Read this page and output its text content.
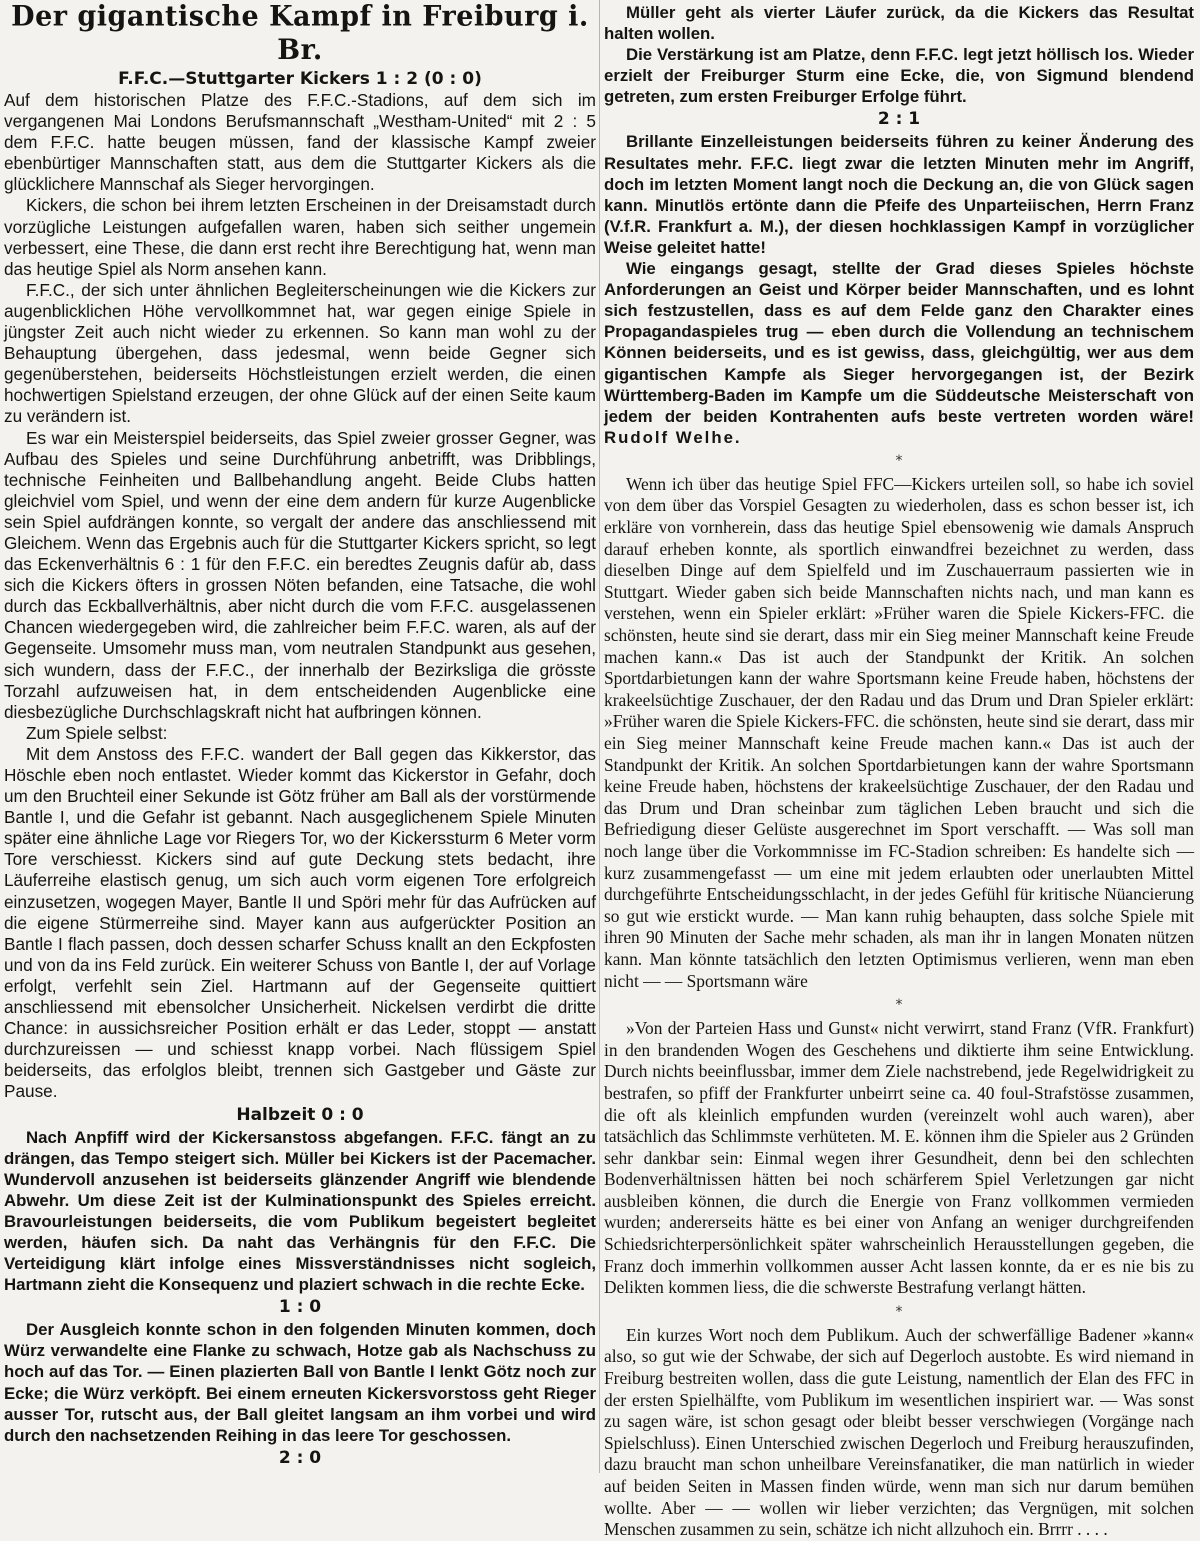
Der gigantische Kampf in Freiburg i. Br.
F.F.C.—Stuttgarter Kickers 1 : 2 (0 : 0)

Auf dem historischen Platze des F.F.C.-Stadions, auf dem sich im vergangenen Mai Londons Berufsmannschaft „Westham-United“ mit 2 : 5 dem F.F.C. hatte beugen müssen, fand der klassische Kampf zweier ebenbürtiger Mannschaften statt, aus dem die Stuttgarter Kickers als die glücklichere Mannschaf als Sieger hervorgingen.

Kickers, die schon bei ihrem letzten Erscheinen in der Dreisamstadt durch vorzügliche Leistungen aufgefallen waren, haben sich seither ungemein verbessert, eine These, die dann erst recht ihre Berechtigung hat, wenn man das heutige Spiel als Norm ansehen kann.

F.F.C., der sich unter ähnlichen Begleiterscheinungen wie die Kickers zur augenblicklichen Höhe vervollkommnet hat, war gegen einige Spiele in jüngster Zeit auch nicht wieder zu erkennen. So kann man wohl zu der Behauptung übergehen, dass jedesmal, wenn beide Gegner sich gegenüberstehen, beiderseits Höchstleistungen erzielt werden, die einen hochwertigen Spielstand erzeugen, der ohne Glück auf der einen Seite kaum zu verändern ist.

Es war ein Meisterspiel beiderseits, das Spiel zweier grosser Gegner, was Aufbau des Spieles und seine Durchführung anbetrifft, was Dribblings, technische Feinheiten und Ballbehandlung angeht. Beide Clubs hatten gleichviel vom Spiel, und wenn der eine dem andern für kurze Augenblicke sein Spiel aufdrängen konnte, so vergalt der andere das anschliessend mit Gleichem. Wenn das Ergebnis auch für die Stuttgarter Kickers spricht, so legt das Eckenverhältnis 6 : 1 für den F.F.C. ein beredtes Zeugnis dafür ab, dass sich die Kickers öfters in grossen Nöten befanden, eine Tatsache, die wohl durch das Eckballverhältnis, aber nicht durch die vom F.F.C. ausgelassenen Chancen wiedergegeben wird, die zahlreicher beim F.F.C. waren, als auf der Gegenseite. Umsomehr muss man, vom neutralen Standpunkt aus gesehen, sich wundern, dass der F.F.C., der innerhalb der Bezirksliga die grösste Torzahl aufzuweisen hat, in dem entscheidenden Augenblicke eine diesbezügliche Durchschlagskraft nicht hat aufbringen können.

Zum Spiele selbst:

Mit dem Anstoss des F.F.C. wandert der Ball gegen das Kikkerstor, das Höschle eben noch entlastet. Wieder kommt das Kickerstor in Gefahr, doch um den Bruchteil einer Sekunde ist Götz früher am Ball als der vorstürmende Bantle I, und die Gefahr ist gebannt. Nach ausgeglichenem Spiele Minuten später eine ähnliche Lage vor Riegers Tor, wo der Kickerssturm 6 Meter vorm Tore verschiesst. Kickers sind auf gute Deckung stets bedacht, ihre Läuferreihe elastisch genug, um sich auch vorm eigenen Tore erfolgreich einzusetzen, wogegen Mayer, Bantle II und Spöri mehr für das Aufrücken auf die eigene Stürmerreihe sind. Mayer kann aus aufgerückter Position an Bantle I flach passen, doch dessen scharfer Schuss knallt an den Eckpfosten und von da ins Feld zurück. Ein weiterer Schuss von Bantle I, der auf Vorlage erfolgt, verfehlt sein Ziel. Hartmann auf der Gegenseite quittiert anschliessend mit ebensolcher Unsicherheit. Nickelsen verdirbt die dritte Chance: in aussichsreicher Position erhält er das Leder, stoppt — anstatt durchzureissen — und schiesst knapp vorbei. Nach flüssigem Spiel beiderseits, das erfolglos bleibt, trennen sich Gastgeber und Gäste zur Pause.

Halbzeit 0 : 0

Nach Anpfiff wird der Kickersanstoss abgefangen. F.F.C. fängt an zu drängen, das Tempo steigert sich. Müller bei Kickers ist der Pacemacher. Wundervoll anzusehen ist beiderseits glänzender Angriff wie blendende Abwehr. Um diese Zeit ist der Kulminationspunkt des Spieles erreicht. Bravourleistungen beiderseits, die vom Publikum begeistert begleitet werden, häufen sich. Da naht das Verhängnis für den F.F.C. Die Verteidigung klärt infolge eines Missverständnisses nicht sogleich, Hartmann zieht die Konsequenz und plaziert schwach in die rechte Ecke.

1 : 0

Der Ausgleich konnte schon in den folgenden Minuten kommen, doch Würz verwandelte eine Flanke zu schwach, Hotze gab als Nachschuss zu hoch auf das Tor. — Einen plazierten Ball von Bantle I lenkt Götz noch zur Ecke; die Würz verköpft. Bei einem erneuten Kickersvorstoss geht Rieger ausser Tor, rutscht aus, der Ball gleitet langsam an ihm vorbei und wird durch den nachsetzenden Reihing in das leere Tor geschossen.

2 : 0

Müller geht als vierter Läufer zurück, da die Kickers das Resultat halten wollen.

Die Verstärkung ist am Platze, denn F.F.C. legt jetzt höllisch los. Wieder erzielt der Freiburger Sturm eine Ecke, die, von Sigmund blendend getreten, zum ersten Freiburger Erfolge führt.

2 : 1

Brillante Einzelleistungen beiderseits führen zu keiner Änderung des Resultates mehr. F.F.C. liegt zwar die letzten Minuten mehr im Angriff, doch im letzten Moment langt noch die Deckung an, die von Glück sagen kann. Minutlös ertönte dann die Pfeife des Unparteiischen, Herrn Franz (V.f.R. Frankfurt a. M.), der diesen hochklassigen Kampf in vorzüglicher Weise geleitet hatte!

Wie eingangs gesagt, stellte der Grad dieses Spieles höchste Anforderungen an Geist und Körper beider Mannschaften, und es lohnt sich festzustellen, dass es auf dem Felde ganz den Charakter eines Propagandaspieles trug — eben durch die Vollendung an technischem Können beiderseits, und es ist gewiss, dass, gleichgültig, wer aus dem gigantischen Kampfe als Sieger hervorgegangen ist, der Bezirk Württemberg-Baden im Kampfe um die Süddeutsche Meisterschaft von jedem der beiden Kontrahenten aufs beste vertreten worden wäre! Rudolf Welhe.

*

Wenn ich über das heutige Spiel FFC—Kickers urteilen soll, so habe ich soviel von dem über das Vorspiel Gesagten zu wiederholen, dass es schon besser ist, ich erkläre von vornherein, dass das heutige Spiel ebensowenig wie damals Anspruch darauf erheben konnte, als sportlich einwandfrei bezeichnet zu werden, dass dieselben Dinge auf dem Spielfeld und im Zuschauerraum passierten wie in Stuttgart. Wieder gaben sich beide Mannschaften nichts nach, und man kann es verstehen, wenn ein Spieler erklärt: »Früher waren die Spiele Kickers-FFC. die schönsten, heute sind sie derart, dass mir ein Sieg meiner Mannschaft keine Freude machen kann.« Das ist auch der Standpunkt der Kritik. An solchen Sportdarbietungen kann der wahre Sportsmann keine Freude haben, höchstens der krakeelsüchtige Zuschauer, der den Radau und das Drum und Dran Spieler erklärt: »Früher waren die Spiele Kickers-FFC. die schönsten, heute sind sie derart, dass mir ein Sieg meiner Mannschaft keine Freude machen kann.« Das ist auch der Standpunkt der Kritik. An solchen Sportdarbietungen kann der wahre Sportsmann keine Freude haben, höchstens der krakeelsüchtige Zuschauer, der den Radau und das Drum und Dran scheinbar zum täglichen Leben braucht und sich die Befriedigung dieser Gelüste ausgerechnet im Sport verschafft. — Was soll man noch lange über die Vorkommnisse im FC-Stadion schreiben: Es handelte sich — kurz zusammengefasst — um eine mit jedem erlaubten oder unerlaubten Mittel durchgeführte Entscheidungsschlacht, in der jedes Gefühl für kritische Nüancierung so gut wie erstickt wurde. — Man kann ruhig behaupten, dass solche Spiele mit ihren 90 Minuten der Sache mehr schaden, als man ihr in langen Monaten nützen kann. Man könnte tatsächlich den letzten Optimismus verlieren, wenn man eben nicht — — Sportsmann wäre

*

»Von der Parteien Hass und Gunst« nicht verwirrt, stand Franz (VfR. Frankfurt) in den brandenden Wogen des Geschehens und diktierte ihm seine Entwicklung. Durch nichts beeinflussbar, immer dem Ziele nachstrebend, jede Regelwidrigkeit zu bestrafen, so pfiff der Frankfurter unbeirrt seine ca. 40 foul-Strafstösse zusammen, die oft als kleinlich empfunden wurden (vereinzelt wohl auch waren), aber tatsächlich das Schlimmste verhüteten. M. E. können ihm die Spieler aus 2 Gründen sehr dankbar sein: Einmal wegen ihrer Gesundheit, denn bei den schlechten Bodenverhältnissen hätten bei noch schärferem Spiel Verletzungen gar nicht ausbleiben können, die durch die Energie von Franz vollkommen vermieden wurden; andererseits hätte es bei einer von Anfang an weniger durchgreifenden Schiedsrichterpersönlichkeit später wahrscheinlich Herausstellungen gegeben, die Franz doch immerhin vollkommen ausser Acht lassen konnte, da er es nie bis zu Delikten kommen liess, die die schwerste Bestrafung verlangt hätten.

*

Ein kurzes Wort noch dem Publikum. Auch der schwerfällige Badener »kann« also, so gut wie der Schwabe, der sich auf Degerloch austobte. Es wird niemand in Freiburg bestreiten wollen, dass die gute Leistung, namentlich der Elan des FFC in der ersten Spielhälfte, vom Publikum im wesentlichen inspiriert war. — Was sonst zu sagen wäre, ist schon gesagt oder bleibt besser verschwiegen (Vorgänge nach Spielschluss). Einen Unterschied zwischen Degerloch und Freiburg herauszufinden, dazu braucht man schon unheilbare Vereinsfanatiker, die man natürlich in wieder auf beiden Seiten in Massen finden würde, wenn man sich nur darum bemühen wollte. Aber — — wollen wir lieber verzichten; das Vergnügen, mit solchen Menschen zusammen zu sein, schätze ich nicht allzuhoch ein. Brrrr . . . .
